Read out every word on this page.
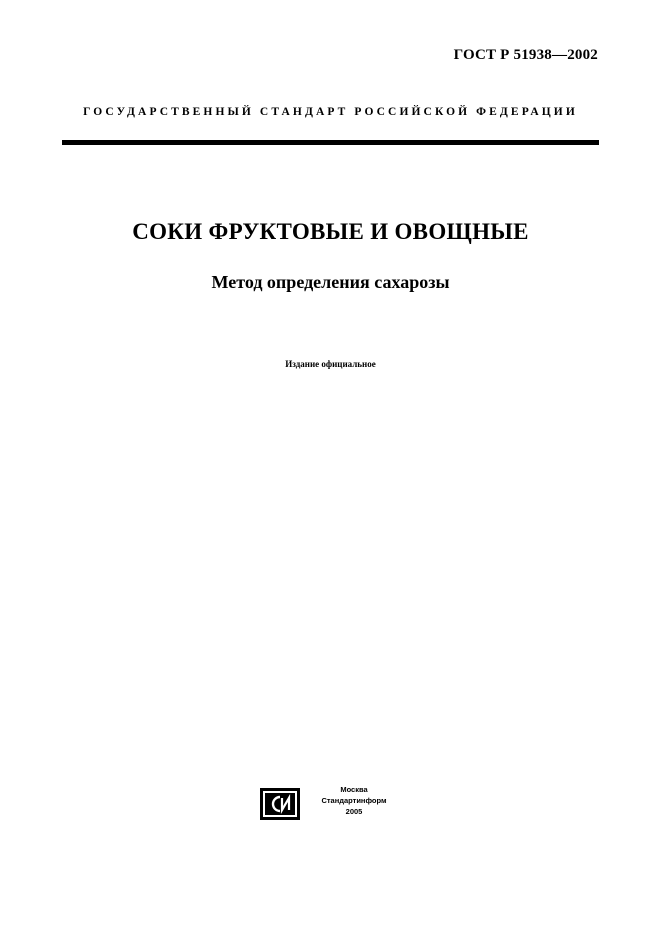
ГОСТ Р 51938—2002
ГОСУДАРСТВЕННЫЙ СТАНДАРТ РОССИЙСКОЙ ФЕДЕРАЦИИ
СОКИ ФРУКТОВЫЕ И ОВОЩНЫЕ
Метод определения сахарозы
Издание официальное
Москва
Стандартинформ
2005
